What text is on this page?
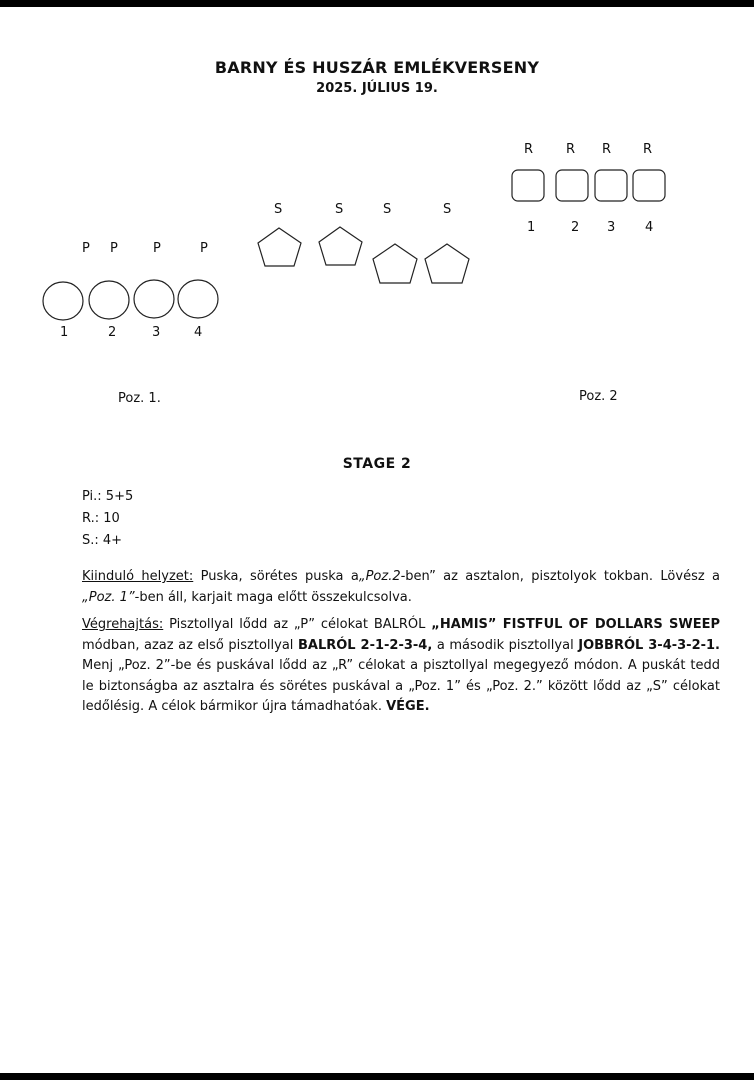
BARNY ÉS HUSZÁR EMLÉKVERSENY
2025. JÚLIUS 19.
P P	P	P
1	2	3	4
S	S	S	S
R	R R R
1	2 3 4
Poz. 1.	Poz. 2
STAGE 2
Pi.: 5+5
R.: 10
S.: 4+
Kiinduló helyzet: Puska, sörétes puska a„Poz.2-ben” az asztalon, pisztolyok tokban. Lövész a „Poz. 1”-ben áll, karjait maga előtt összekulcsolva.
Végrehajtás: Pisztollyal lődd az „P” célokat BALRÓL „HAMIS” FISTFUL OF DOLLARS SWEEP módban, azaz az első pisztollyal BALRÓL 2-1-2-3-4, a második pisztollyal JOBBRÓL 3-4-3-2-1. Menj „Poz. 2”-be és puskával lődd az „R” célokat a pisztollyal megegyező módon. A puskát tedd le biztonságba az asztalra és sörétes puskával a „Poz. 1” és „Poz. 2.” között lődd az „S” célokat ledőlésig. A célok bármikor újra támadhatóak. VÉGE.
